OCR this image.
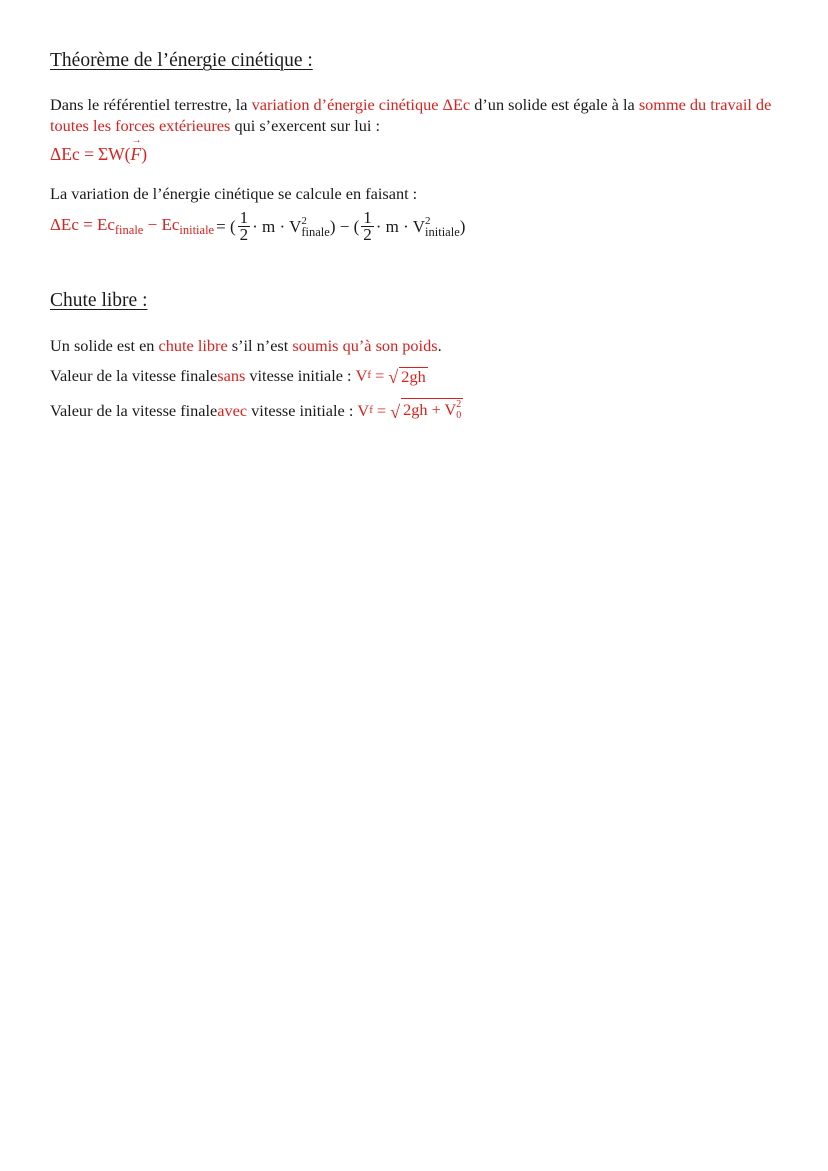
Théorème de l’énergie cinétique :
Dans le référentiel terrestre, la variation d’énergie cinétique ΔEc d’un solide est égale à la somme du travail de toutes les forces extérieures qui s’exercent sur lui :
ΔEc = ΣW( F
→
)
La variation de l’énergie cinétique se calcule en faisant :
$\Delta Ec = Ec_{finale} - Ec_{initiale}$ = ( $\frac{1}{2} \cdot m \cdot V$ 2
finale ) − ( $\frac{1}{2} \cdot m \cdot V$ 2
initiale )
Chute libre :
Un solide est en chute libre s’il n’est soumis qu’à son poids.
Valeur de la vitesse finale sans vitesse initiale : V f = √ 2gh
Valeur de la vitesse finale avec vitesse initiale : V f = √ 2gh + V 2
0
